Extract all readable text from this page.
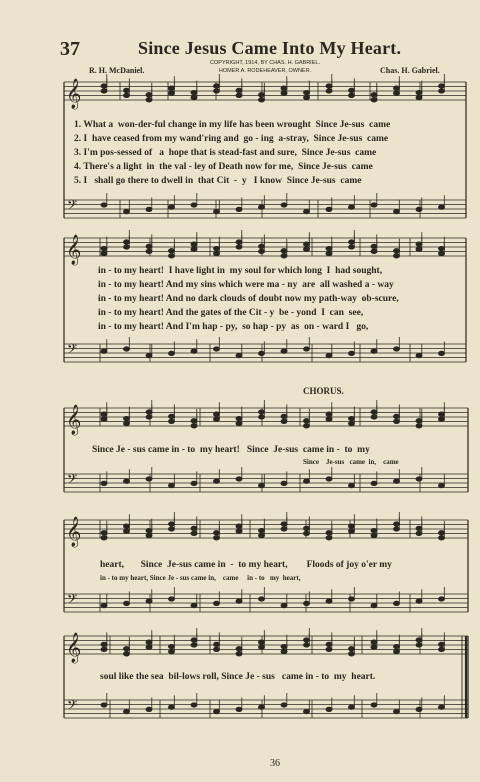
37	Since Jesus Came Into My Heart.
COPYRIGHT, 1914, BY CHAS. H. GABRIEL.
HOMER A. RODEHEAVER, OWNER.
R. H. McDaniel.	Chas. H. Gabriel.
𝄞
𝄢
𝄞
𝄢
𝄞
𝄢
𝄞
𝄢
𝄞
𝄢
1. What a  won-der-ful change in my life has been wrought  Since Je-sus  came
2. I  have ceased from my wand'ring and  go - ing  a-stray,  Since Je-sus  came
3. I'm pos-sessed of   a  hope that is stead-fast and sure,  Since Je-sus  came
4. There's a light  in  the val - ley of Death now for me,  Since Je-sus  came
5. I   shall go there to dwell in  that Cit  -  y   I know  Since Je-sus  came
in - to my heart!  I have light in  my soul for which long  I  had sought,
in - to my heart! And my sins which were ma - ny  are  all washed a - way
in - to my heart! And no dark clouds of doubt now my path-way  ob-scure,
in - to my heart! And the gates of the Cit - y  be - yond  I  can  see,
in - to my heart! And I'm hap - py,  so hap - py  as  on - ward I   go,
CHORUS.
Since Je - sus came in - to  my heart!   Since  Je-sus  came in -  to  my
Since    Je-sus   came  in,    came
heart,       Since  Je-sus came in  -  to my heart,        Floods of joy o'er my
in - to my heart, Since Je - sus came in,    came     in - to   my  heart,
soul like the sea  bil-lows roll, Since Je - sus   came in - to  my  heart.
36
